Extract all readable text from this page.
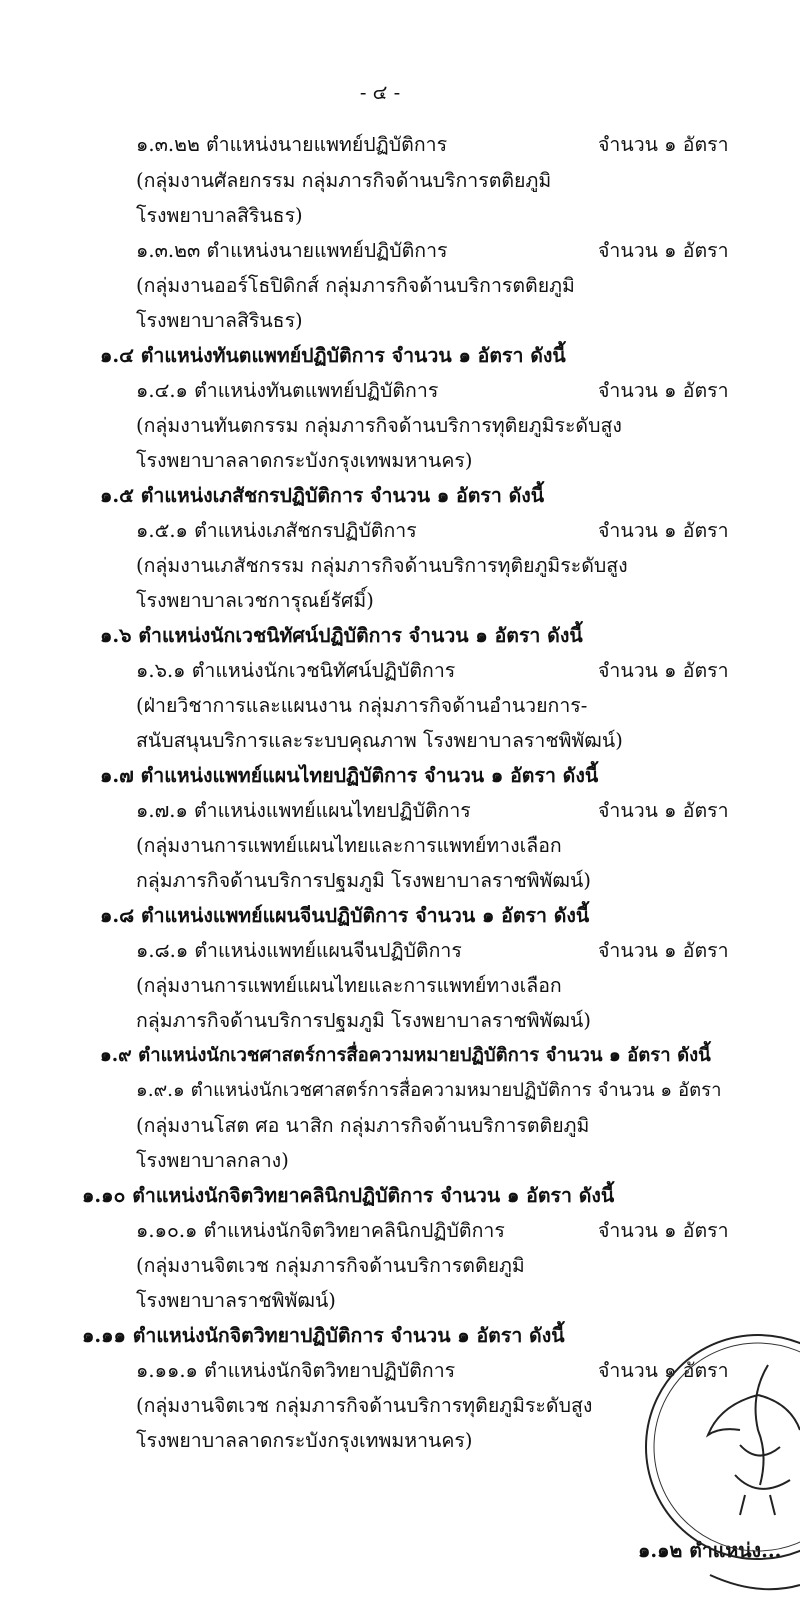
- ๔ -
๑.๓.๒๒ ตำแหน่งนายแพทย์ปฏิบัติการ	จำนวน ๑ อัตรา
(กลุ่มงานศัลยกรรม กลุ่มภารกิจด้านบริการตติยภูมิ
โรงพยาบาลสิรินธร)
๑.๓.๒๓ ตำแหน่งนายแพทย์ปฏิบัติการ	จำนวน ๑ อัตรา
(กลุ่มงานออร์โธปิดิกส์ กลุ่มภารกิจด้านบริการตติยภูมิ
โรงพยาบาลสิรินธร)
๑.๔ ตำแหน่งทันตแพทย์ปฏิบัติการ จำนวน ๑ อัตรา ดังนี้
๑.๔.๑ ตำแหน่งทันตแพทย์ปฏิบัติการ	จำนวน ๑ อัตรา
(กลุ่มงานทันตกรรม กลุ่มภารกิจด้านบริการทุติยภูมิระดับสูง
โรงพยาบาลลาดกระบังกรุงเทพมหานคร)
๑.๕ ตำแหน่งเภสัชกรปฏิบัติการ จำนวน ๑ อัตรา ดังนี้
๑.๕.๑ ตำแหน่งเภสัชกรปฏิบัติการ	จำนวน ๑ อัตรา
(กลุ่มงานเภสัชกรรม กลุ่มภารกิจด้านบริการทุติยภูมิระดับสูง
โรงพยาบาลเวชการุณย์รัศมิ์)
๑.๖ ตำแหน่งนักเวชนิทัศน์ปฏิบัติการ จำนวน ๑ อัตรา ดังนี้
๑.๖.๑ ตำแหน่งนักเวชนิทัศน์ปฏิบัติการ	จำนวน ๑ อัตรา
(ฝ่ายวิชาการและแผนงาน กลุ่มภารกิจด้านอำนวยการ-
สนับสนุนบริการและระบบคุณภาพ โรงพยาบาลราชพิพัฒน์)
๑.๗ ตำแหน่งแพทย์แผนไทยปฏิบัติการ จำนวน ๑ อัตรา ดังนี้
๑.๗.๑ ตำแหน่งแพทย์แผนไทยปฏิบัติการ	จำนวน ๑ อัตรา
(กลุ่มงานการแพทย์แผนไทยและการแพทย์ทางเลือก
กลุ่มภารกิจด้านบริการปฐมภูมิ โรงพยาบาลราชพิพัฒน์)
๑.๘ ตำแหน่งแพทย์แผนจีนปฏิบัติการ จำนวน ๑ อัตรา ดังนี้
๑.๘.๑ ตำแหน่งแพทย์แผนจีนปฏิบัติการ	จำนวน ๑ อัตรา
(กลุ่มงานการแพทย์แผนไทยและการแพทย์ทางเลือก
กลุ่มภารกิจด้านบริการปฐมภูมิ โรงพยาบาลราชพิพัฒน์)
๑.๙ ตำแหน่งนักเวชศาสตร์การสื่อความหมายปฏิบัติการ จำนวน ๑ อัตรา ดังนี้
๑.๙.๑ ตำแหน่งนักเวชศาสตร์การสื่อความหมายปฏิบัติการ จำนวน ๑ อัตรา
(กลุ่มงานโสต ศอ นาสิก กลุ่มภารกิจด้านบริการตติยภูมิ
โรงพยาบาลกลาง)
๑.๑๐ ตำแหน่งนักจิตวิทยาคลินิกปฏิบัติการ จำนวน ๑ อัตรา ดังนี้
๑.๑๐.๑ ตำแหน่งนักจิตวิทยาคลินิกปฏิบัติการ	จำนวน ๑ อัตรา
(กลุ่มงานจิตเวช กลุ่มภารกิจด้านบริการตติยภูมิ
โรงพยาบาลราชพิพัฒน์)
๑.๑๑ ตำแหน่งนักจิตวิทยาปฏิบัติการ จำนวน ๑ อัตรา ดังนี้
๑.๑๑.๑ ตำแหน่งนักจิตวิทยาปฏิบัติการ	จำนวน ๑ อัตรา
(กลุ่มงานจิตเวช กลุ่มภารกิจด้านบริการทุติยภูมิระดับสูง
โรงพยาบาลลาดกระบังกรุงเทพมหานคร)
๑.๑๒ ตำแหน่ง...
